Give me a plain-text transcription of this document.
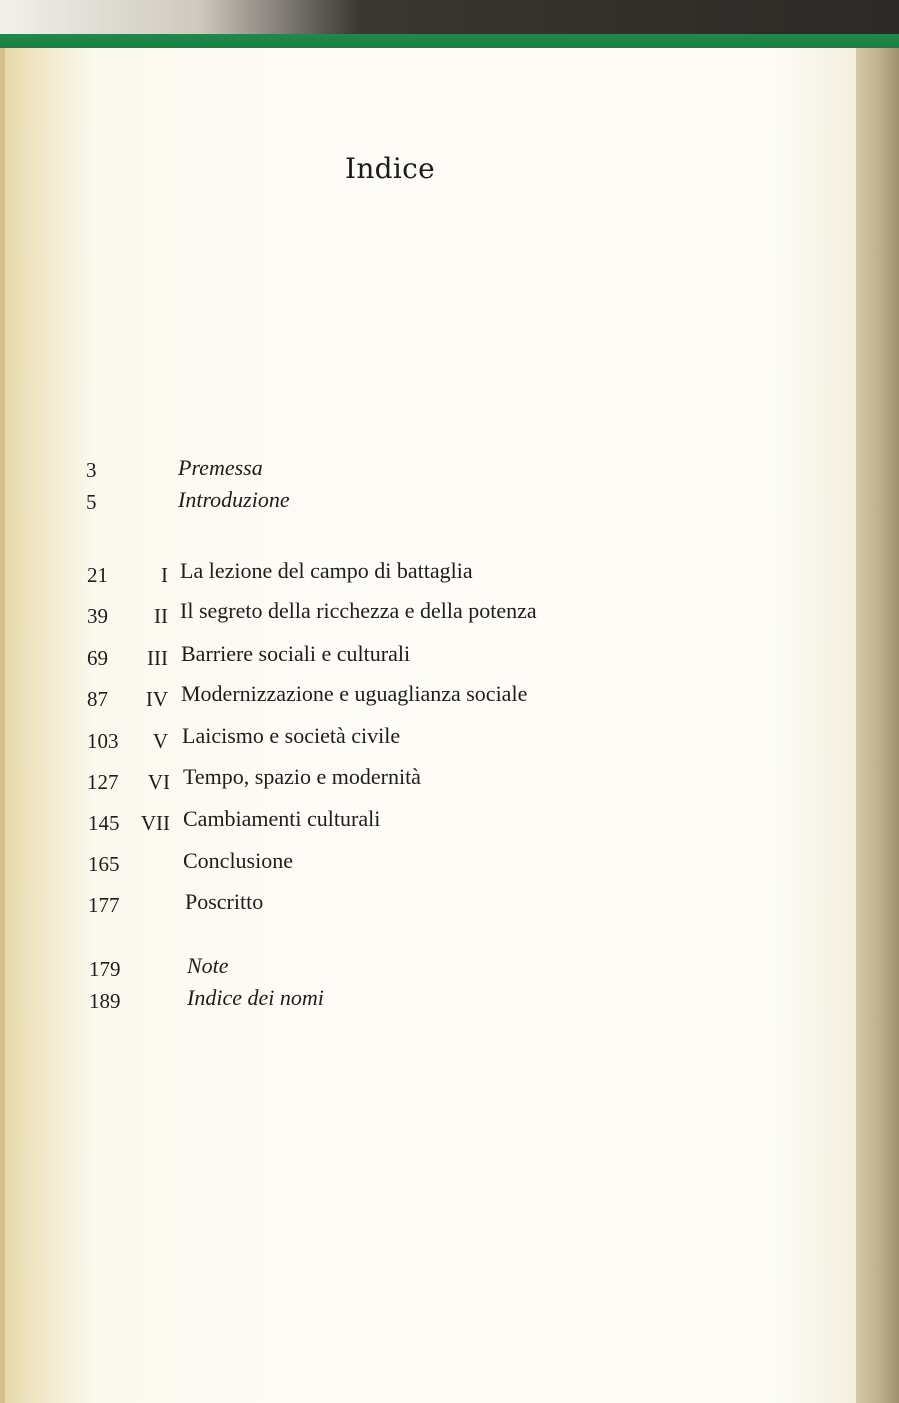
Indice
3	Premessa
5	Introduzione
21	I La lezione del campo di battaglia
39	II Il segreto della ricchezza e della potenza
69	III Barriere sociali e culturali
87	IV Modernizzazione e uguaglianza sociale
103	V Laicismo e società civile
127	VI Tempo, spazio e modernità
145	VII Cambiamenti culturali
165	Conclusione
177	Poscritto
179	Note
189	Indice dei nomi
